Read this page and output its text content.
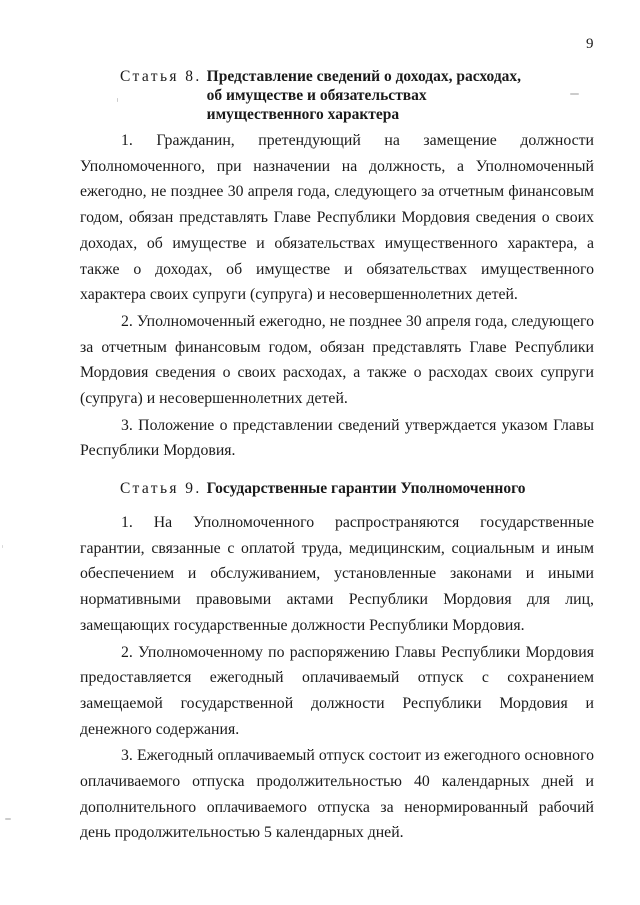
9
Статья 8. Представление сведений о доходах, расходах, об имуществе и обязательствах имущественного характера

1. Гражданин, претендующий на замещение должности Уполномоченного, при назначении на должность, а Уполномоченный ежегодно, не позднее 30 апреля года, следующего за отчетным финансовым годом, обязан представлять Главе Республики Мордовия сведения о своих доходах, об имуществе и обязательствах имущественного характера, а также о доходах, об имуществе и обязательствах имущественного характера своих супруги (супруга) и несовершеннолетних детей.

2. Уполномоченный ежегодно, не позднее 30 апреля года, следующего за отчетным финансовым годом, обязан представлять Главе Республики Мордовия сведения о своих расходах, а также о расходах своих супруги (супруга) и несовершеннолетних детей.

3. Положение о представлении сведений утверждается указом Главы Республики Мордовия.

Статья 9. Государственные гарантии Уполномоченного

1. На Уполномоченного распространяются государственные гарантии, связанные с оплатой труда, медицинским, социальным и иным обеспечением и обслуживанием, установленные законами и иными нормативными правовыми актами Республики Мордовия для лиц, замещающих государственные должности Республики Мордовия.

2. Уполномоченному по распоряжению Главы Республики Мордовия предоставляется ежегодный оплачиваемый отпуск с сохранением замещаемой государственной должности Республики Мордовия и денежного содержания.

3. Ежегодный оплачиваемый отпуск состоит из ежегодного основного оплачиваемого отпуска продолжительностью 40 календарных дней и дополнительного оплачиваемого отпуска за ненормированный рабочий день продолжительностью 5 календарных дней.
